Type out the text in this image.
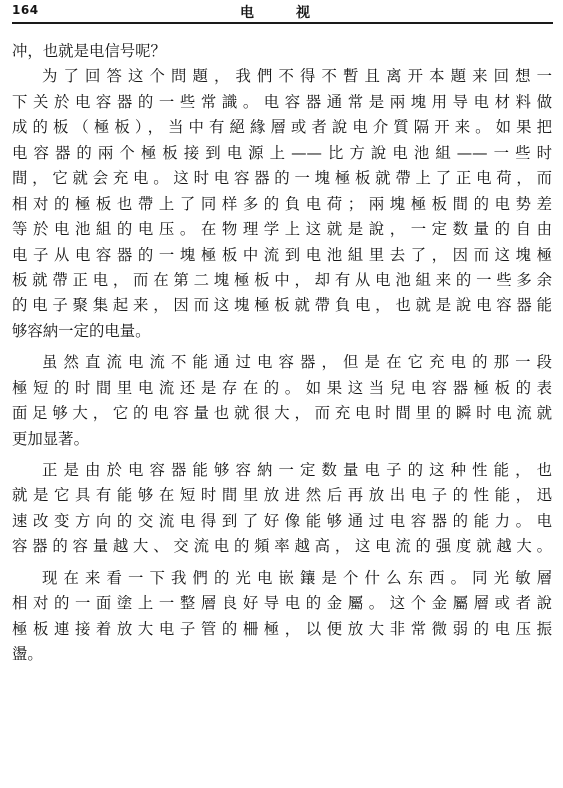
164	电视
冲，也就是电信号呢？
为了回答这个問題，我們不得不暫且离开本題来回想一
下关於电容器的一些常識。电容器通常是兩塊用导电材料做
成的板（極板），当中有絕緣層或者說电介質隔开来。如果把
电容器的兩个極板接到电源上——比方說电池組——一些时
間，它就会充电。这时电容器的一塊極板就帶上了正电荷，而
相对的極板也帶上了同样多的負电荷；兩塊極板間的电势差
等於电池組的电压。在物理学上这就是說，一定数量的自由
电子从电容器的一塊極板中流到电池組里去了，因而这塊極
板就帶正电，而在第二塊極板中，却有从电池組来的一些多余
的电子聚集起来，因而这塊極板就帶負电，也就是說电容器能
够容納一定的电量。
虽然直流电流不能通过电容器，但是在它充电的那一段
極短的时間里电流还是存在的。如果这当兒电容器極板的表
面足够大，它的电容量也就很大，而充电时間里的瞬时电流就
更加显著。
正是由於电容器能够容納一定数量电子的这种性能，也
就是它具有能够在短时間里放进然后再放出电子的性能，迅
速改变方向的交流电得到了好像能够通过电容器的能力。电
容器的容量越大、交流电的頻率越高，这电流的强度就越大。
现在来看一下我們的光电嵌鑲是个什么东西。同光敏層
相对的一面塗上一整層良好导电的金屬。这个金屬層或者說
極板連接着放大电子管的柵極，以便放大非常微弱的电压振
盪。
